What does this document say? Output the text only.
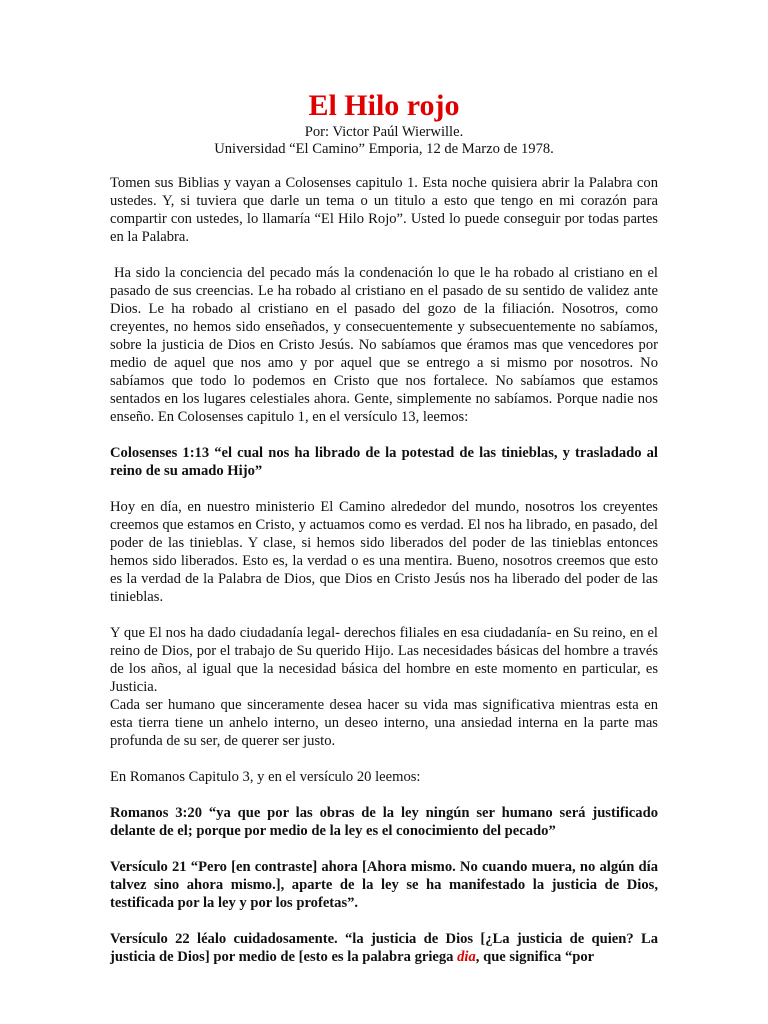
El Hilo rojo
Por: Victor Paúl Wierwille.
Universidad “El Camino” Emporia, 12 de Marzo de 1978.

Tomen sus Biblias y vayan a Colosenses capitulo 1. Esta noche quisiera abrir la Palabra con ustedes. Y, si tuviera que darle un tema o un titulo a esto que tengo en mi corazón para compartir con ustedes, lo llamaría “El Hilo Rojo”. Usted lo puede conseguir por todas partes en la Palabra.

Ha sido la conciencia del pecado más la condenación lo que le ha robado al cristiano en el pasado de sus creencias. Le ha robado al cristiano en el pasado de su sentido de validez ante Dios. Le ha robado al cristiano en el pasado del gozo de la filiación. Nosotros, como creyentes, no hemos sido enseñados, y consecuentemente y subsecuentemente no sabíamos, sobre la justicia de Dios en Cristo Jesús. No sabíamos que éramos mas que vencedores por medio de aquel que nos amo y por aquel que se entrego a si mismo por nosotros. No sabíamos que todo lo podemos en Cristo que nos fortalece. No sabíamos que estamos sentados en los lugares celestiales ahora. Gente, simplemente no sabíamos. Porque nadie nos enseño. En Colosenses capitulo 1, en el versículo 13, leemos:

Colosenses 1:13 “el cual nos ha librado de la potestad de las tinieblas, y trasladado al reino de su amado Hijo”

Hoy en día, en nuestro ministerio El Camino alrededor del mundo, nosotros los creyentes creemos que estamos en Cristo, y actuamos como es verdad. El nos ha librado, en pasado, del poder de las tinieblas. Y clase, si hemos sido liberados del poder de las tinieblas entonces hemos sido liberados. Esto es, la verdad o es una mentira. Bueno, nosotros creemos que esto es la verdad de la Palabra de Dios, que Dios en Cristo Jesús nos ha liberado del poder de las tinieblas.

Y que El nos ha dado ciudadanía legal- derechos filiales en esa ciudadanía- en Su reino, en el reino de Dios, por el trabajo de Su querido Hijo. Las necesidades básicas del hombre a través de los años, al igual que la necesidad básica del hombre en este momento en particular, es Justicia.

Cada ser humano que sinceramente desea hacer su vida mas significativa mientras esta en esta tierra tiene un anhelo interno, un deseo interno, una ansiedad interna en la parte mas profunda de su ser, de querer ser justo.

En Romanos Capitulo 3, y en el versículo 20 leemos:

Romanos 3:20 “ya que por las obras de la ley ningún ser humano será justificado delante de el; porque por medio de la ley es el conocimiento del pecado”

Versículo 21 “Pero [en contraste] ahora [Ahora mismo. No cuando muera, no algún día talvez sino ahora mismo.], aparte de la ley se ha manifestado la justicia de Dios, testificada por la ley y por los profetas”.

Versículo 22 léalo cuidadosamente. “la justicia de Dios [¿La justicia de quien? La justicia de Dios] por medio de [esto es la palabra griega dia, que significa “por
